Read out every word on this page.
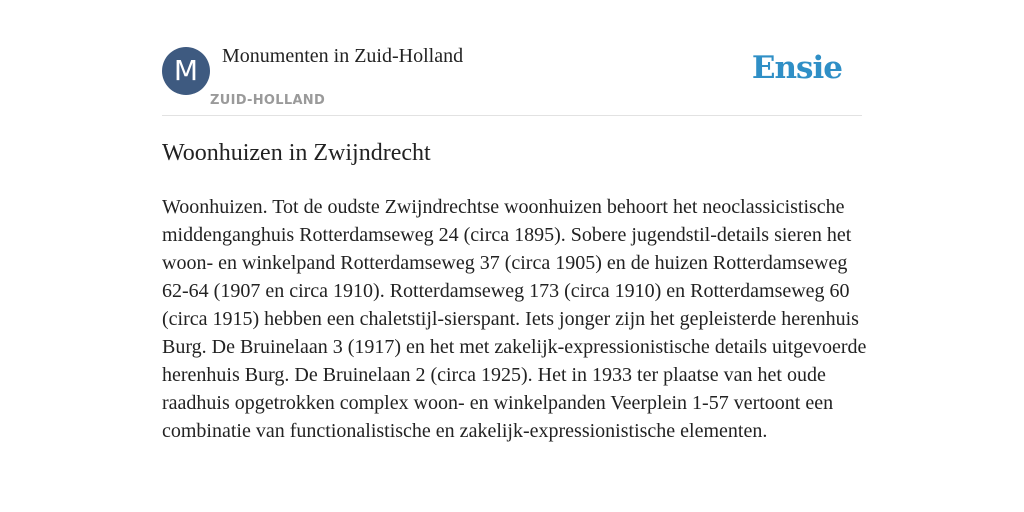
M	Monumenten in Zuid-Holland
ZUID-HOLLAND
Ensie
Woonhuizen in Zwijndrecht

Woonhuizen. Tot de oudste Zwijndrechtse woonhuizen behoort het neoclassicistische middenganghuis Rotterdamseweg 24 (circa 1895). Sobere jugendstil-details sieren het woon- en winkelpand Rotterdamseweg 37 (circa 1905) en de huizen Rotterdamseweg 62-64 (1907 en circa 1910). Rotterdamseweg 173 (circa 1910) en Rotterdamseweg 60 (circa 1915) hebben een chaletstijl-sierspant. Iets jonger zijn het gepleisterde herenhuis Burg. De Bruinelaan 3 (1917) en het met zakelijk-expressionistische details uitgevoerde herenhuis Burg. De Bruinelaan 2 (circa 1925). Het in 1933 ter plaatse van het oude raadhuis opgetrokken complex woon- en winkelpanden Veerplein 1-57 vertoont een combinatie van functionalistische en zakelijk-expressionistische elementen.
